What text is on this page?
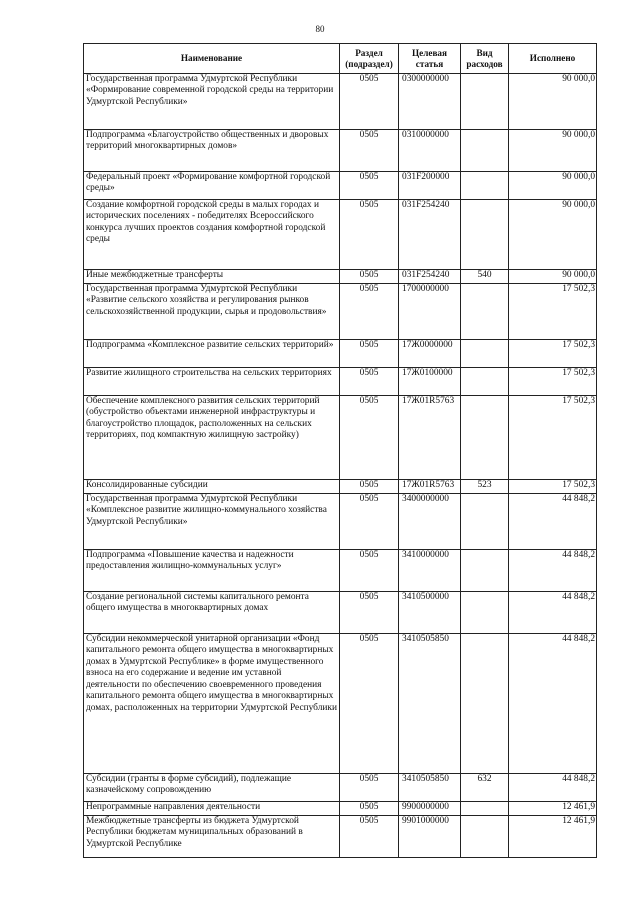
80
Наименование	Раздел (подраздел)	Целевая статья	Вид расходов	Исполнено
Государственная программа Удмуртской Республики «Формирование современной городской среды на территории Удмуртской Республики»	0505	0300000000		90 000,0
Подпрограмма «Благоустройство общественных и дворовых территорий многоквартирных домов»	0505	0310000000		90 000,0
Федеральный проект «Формирование комфортной городской среды»	0505	031F200000		90 000,0
Создание комфортной городской среды в малых городах и исторических поселениях - победителях Всероссийского конкурса лучших проектов создания комфортной городской среды	0505	031F254240		90 000,0
Иные межбюджетные трансферты	0505	031F254240	540	90 000,0
Государственная программа Удмуртской Республики «Развитие сельского хозяйства и регулирования рынков сельскохозяйственной продукции, сырья и продовольствия»	0505	1700000000		17 502,3
Подпрограмма «Комплексное развитие сельских территорий»	0505	17Ж0000000		17 502,3
Развитие жилищного строительства на сельских территориях	0505	17Ж0100000		17 502,3
Обеспечение комплексного развития сельских территорий (обустройство объектами инженерной инфраструктуры и благоустройство площадок, расположенных на сельских территориях, под компактную жилищную застройку)	0505	17Ж01R5763		17 502,3
Консолидированные субсидии	0505	17Ж01R5763	523	17 502,3
Государственная программа Удмуртской Республики «Комплексное развитие жилищно-коммунального хозяйства Удмуртской Республики»	0505	3400000000		44 848,2
Подпрограмма «Повышение качества и надежности предоставления жилищно-коммунальных услуг»	0505	3410000000		44 848,2
Создание региональной системы капитального ремонта общего имущества в многоквартирных домах	0505	3410500000		44 848,2
Субсидии некоммерческой унитарной организации «Фонд капитального ремонта общего имущества в многоквартирных домах в Удмуртской Республике» в форме имущественного взноса на его содержание и ведение им уставной деятельности по обеспечению своевременного проведения капитального ремонта общего имущества в многоквартирных домах, расположенных на территории Удмуртской Республики	0505	3410505850		44 848,2
Субсидии (гранты в форме субсидий), подлежащие казначейскому сопровождению	0505	3410505850	632	44 848,2
Непрограммные направления деятельности	0505	9900000000		12 461,9
Межбюджетные трансферты из бюджета Удмуртской Республики бюджетам муниципальных образований в Удмуртской Республике	0505	9901000000		12 461,9
